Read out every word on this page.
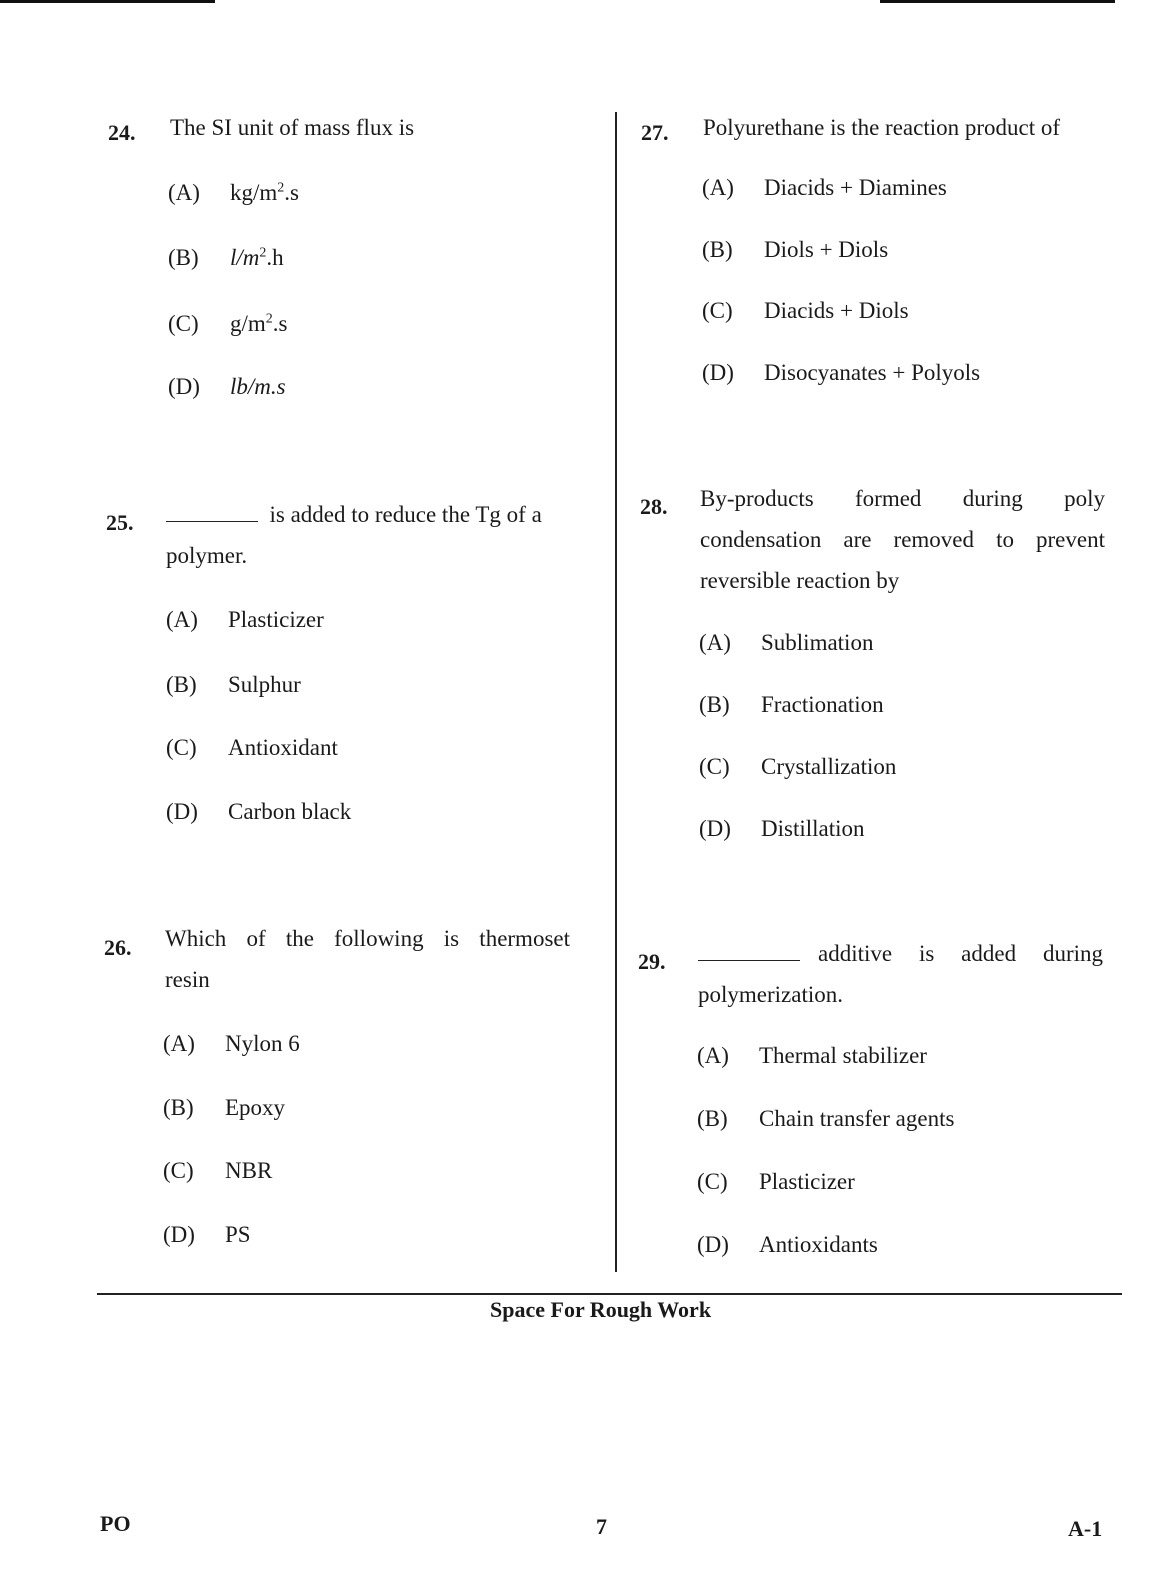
24. The SI unit of mass flux is
(A) $kg/m^2.s$
(B) $l/m^2.h$
(C) $g/m^2.s$
(D) lb/m.s
25.	is added to reduce the Tg of a
polymer.
(A) Plasticizer
(B) Sulphur
(C) Antioxidant
(D) Carbon black
26. Which of the following is thermoset
resin
(A) Nylon 6
(B) Epoxy
(C) NBR
(D) PS
27. Polyurethane is the reaction product of
(A) Diacids + Diamines
(B) Diols + Diols
(C) Diacids + Diols
(D) Disocyanates + Polyols
28. By-products formed during poly
condensation are removed to prevent
reversible reaction by
(A) Sublimation
(B) Fractionation
(C) Crystallization
(D) Distillation
29.	additive is added during
polymerization.
(A) Thermal stabilizer
(B) Chain transfer agents
(C) Plasticizer
(D) Antioxidants
Space For Rough Work
PO	7	A-1
